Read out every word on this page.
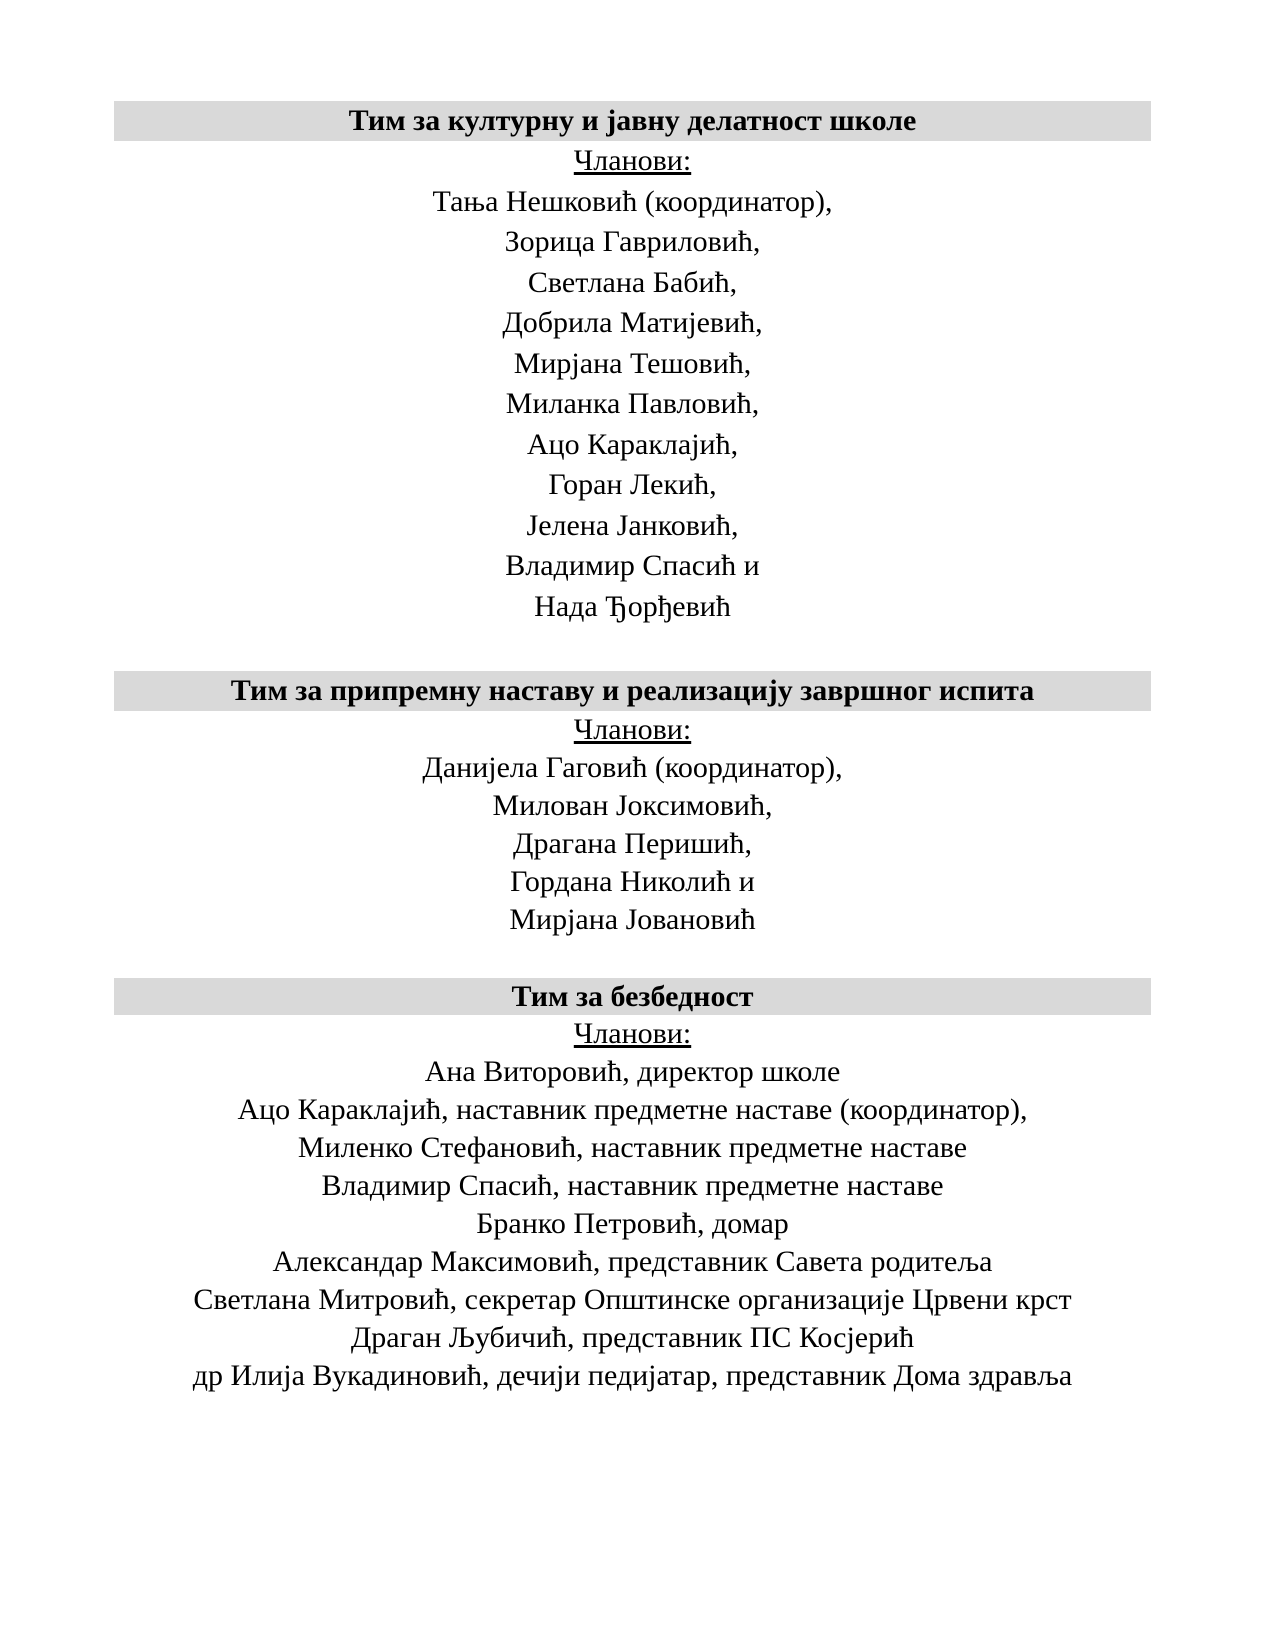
Тим за културну и јавну делатност школе
Чланови:
Тања Нешковић (координатор),
Зорица Гавриловић,
Светлана Бабић,
Добрила Матијевић,
Мирјана Тешовић,
Миланка Павловић,
Ацо Караклајић,
Горан Лекић,
Јелена Јанковић,
Владимир Спасић и
Нада Ђорђевић
Тим за припремну наставу и реализацију завршног испита
Чланови:
Данијела Гаговић (координатор),
Милован Јоксимовић,
Драгана Перишић,
Гордана Николић и
Мирјана Јовановић
Тим за безбедност
Чланови:
Ана Виторовић, директор школе
Ацо Караклајић, наставник предметне наставе (координатор),
Миленко Стефановић, наставник предметне наставе
Владимир Спасић, наставник предметне наставе
Бранко Петровић, домар
Александар Максимовић, представник Савета родитеља
Светлана Митровић, секретар Општинске организације Црвени крст
Драган Љубичић, представник ПС Косјерић
др Илија Вукадиновић, дечији педијатар, представник Дома здравља
